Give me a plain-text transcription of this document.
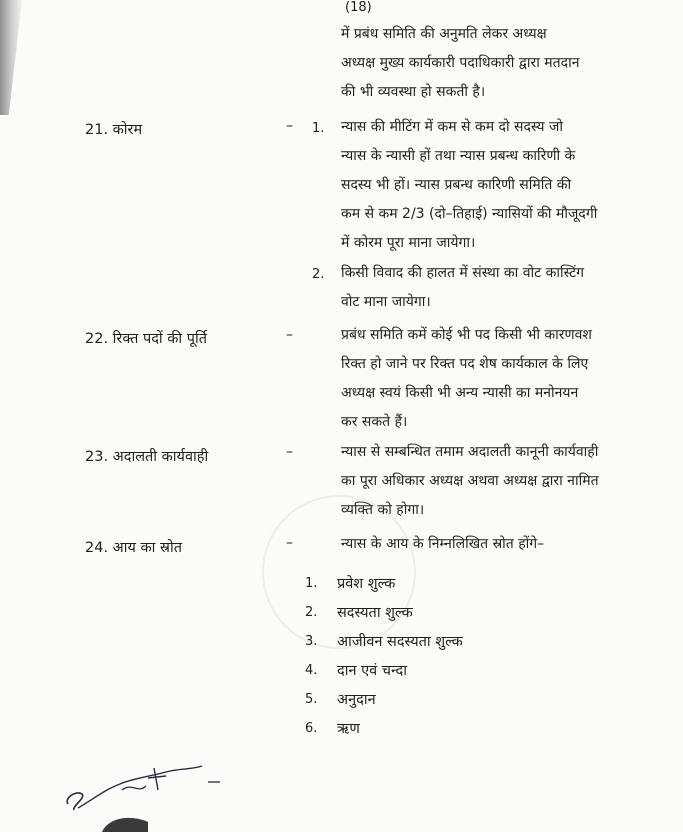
(18)
में प्रबंध समिति की अनुमति लेकर अध्यक्ष
अध्यक्ष मुख्य कार्यकारी पदाधिकारी द्वारा मतदान
की भी व्यवस्था हो सकती है।
21. कोरम	– 1. न्यास की मीटिंग में कम से कम दो सदस्य जो
न्यास के न्यासी हों तथा न्यास प्रबन्ध कारिणी के
सदस्य भी हों। न्यास प्रबन्ध कारिणी समिति की
कम से कम 2/3 (दो–तिहाई) न्यासियों की मौजूदगी
में कोरम पूरा माना जायेगा।
2. किसी विवाद की हालत में संस्था का वोट कास्टिंग
वोट माना जायेगा।
22. रिक्त पदों की पूर्ति	–	प्रबंध समिति कमें कोई भी पद किसी भी कारणवश
रिक्त हो जाने पर रिक्त पद शेष कार्यकाल के लिए
अध्यक्ष स्वयं किसी भी अन्य न्यासी का मनोनयन
कर सकते हैं।
23. अदालती कार्यवाही	–	न्यास से सम्बन्धित तमाम अदालती कानूनी कार्यवाही
का पूरा अधिकार अध्यक्ष अथवा अध्यक्ष द्वारा नामित
व्यक्ति को होगा।
24. आय का स्रोत	–	न्यास के आय के निम्नलिखित स्रोत होंगे–
1. प्रवेश शुल्क
2. सदस्यता शुल्क
3. आजीवन सदस्यता शुल्क
4. दान एवं चन्दा
5. अनुदान
6. ऋण
